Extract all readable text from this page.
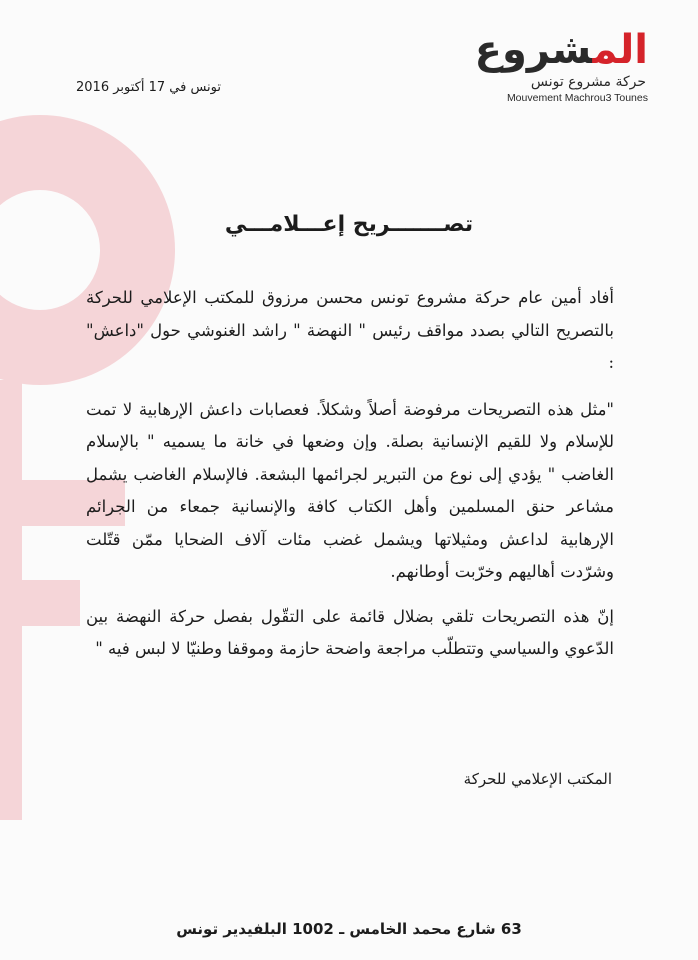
المشروع
حركة مشروع تونس
Mouvement Machrou3 Tounes
تونس في 17 أكتوبر 2016
تصـــــــريح إعـــلامـــي

أفاد أمين عام حركة مشروع تونس محسن مرزوق للمكتب الإعلامي للحركة بالتصريح التالي بصدد مواقف رئيس " النهضة " راشد الغنوشي حول "داعش" :

"مثل هذه التصريحات مرفوضة أصلاً وشكلاً. فعصابات داعش الإرهابية لا تمت للإسلام ولا للقيم الإنسانية بصلة. وإن وضعها في خانة ما يسميه " بالإسلام الغاضب " يؤدي إلى نوع من التبرير لجرائمها البشعة. فالإسلام الغاضب يشمل مشاعر حنق المسلمين وأهل الكتاب كافة والإنسانية جمعاء من الجرائم الإرهابية لداعش ومثيلاتها ويشمل غضب مئات آلاف الضحايا ممّن قتّلت وشرّدت أهاليهم وخرّبت أوطانهم.

إنّ هذه التصريحات تلقي بضلال قائمة على التقّول بفصل حركة النهضة بين الدّعوي والسياسي وتتطلّب مراجعة واضحة حازمة وموقفا وطنيّا لا لبس فيه "

المكتب الإعلامي للحركة
63 شارع محمد الخامس ـ 1002 البلفيدير تونس
